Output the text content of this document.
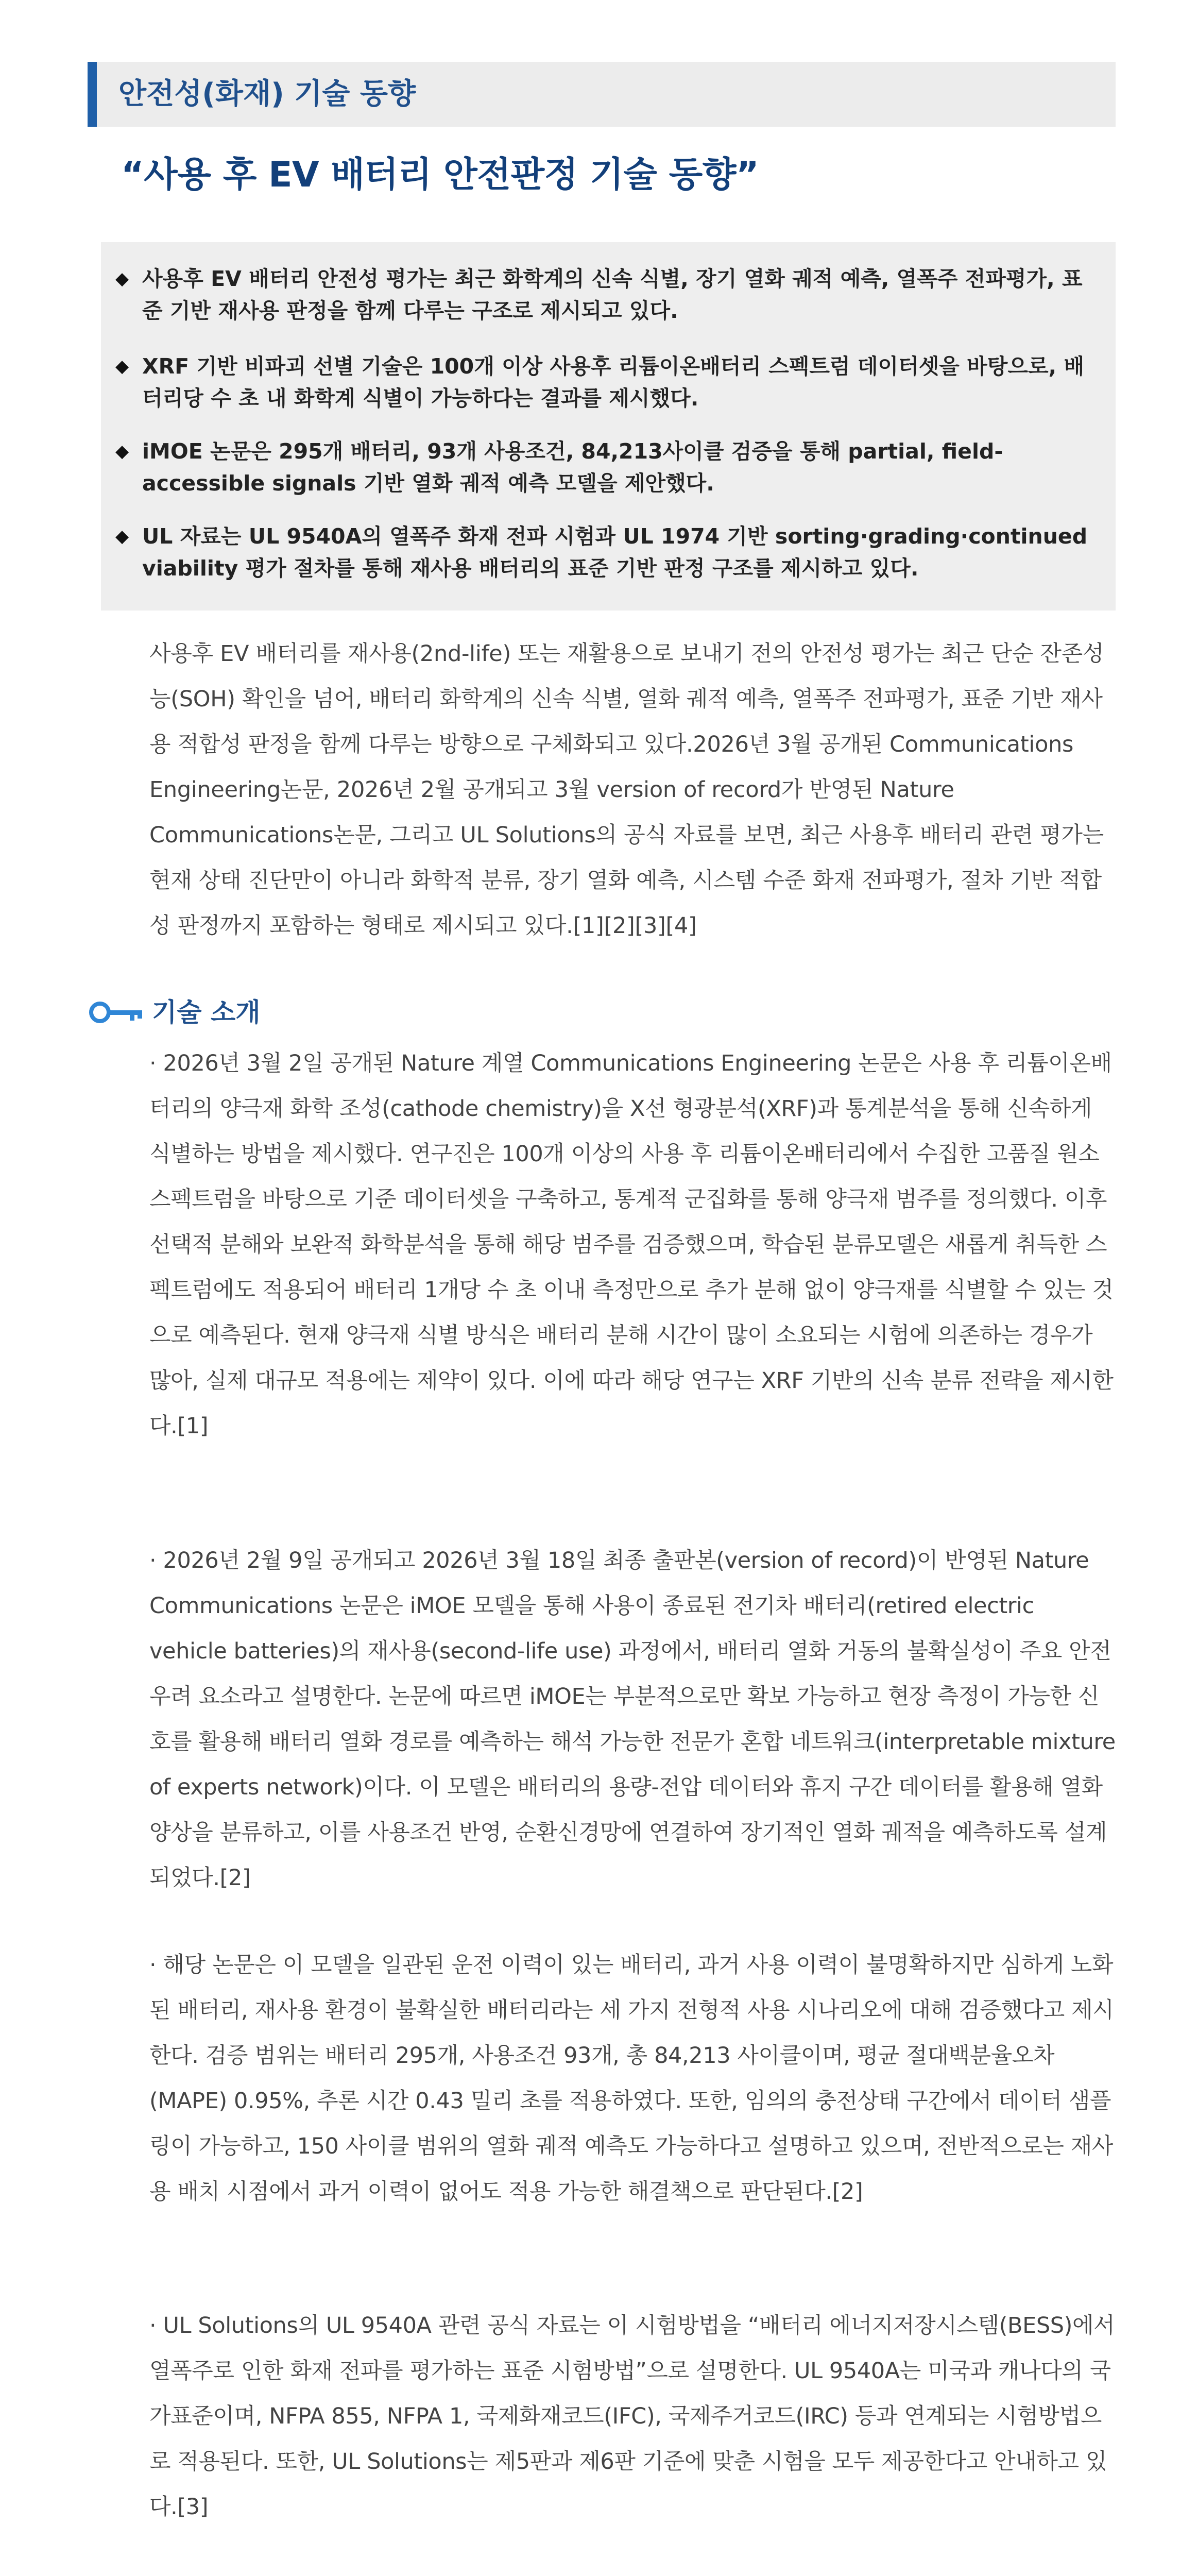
안전성(화재) 기술 동향
“사용 후 EV 배터리 안전판정 기술 동향”
◆ 사용후 EV 배터리 안전성 평가는 최근 화학계의 신속 식별, 장기 열화 궤적 예측, 열폭주 전파평가, 표준 기반 재사용 판정을 함께 다루는 구조로 제시되고 있다.
◆ XRF 기반 비파괴 선별 기술은 100개 이상 사용후 리튬이온배터리 스펙트럼 데이터셋을 바탕으로, 배터리당 수 초 내 화학계 식별이 가능하다는 결과를 제시했다.
◆ iMOE 논문은 295개 배터리, 93개 사용조건, 84,213사이클 검증을 통해 partial, field-accessible signals 기반 열화 궤적 예측 모델을 제안했다.
◆ UL 자료는 UL 9540A의 열폭주 화재 전파 시험과 UL 1974 기반 sorting·grading·continued viability 평가 절차를 통해 재사용 배터리의 표준 기반 판정 구조를 제시하고 있다.
사용후 EV 배터리를 재사용(2nd-life) 또는 재활용으로 보내기 전의 안전성 평가는 최근 단순 잔존성능(SOH) 확인을 넘어, 배터리 화학계의 신속 식별, 열화 궤적 예측, 열폭주 전파평가, 표준 기반 재사용 적합성 판정을 함께 다루는 방향으로 구체화되고 있다.2026년 3월 공개된 Communications Engineering논문, 2026년 2월 공개되고 3월 version of record가 반영된 Nature Communications논문, 그리고 UL Solutions의 공식 자료를 보면, 최근 사용후 배터리 관련 평가는 현재 상태 진단만이 아니라 화학적 분류, 장기 열화 예측, 시스템 수준 화재 전파평가, 절차 기반 적합성 판정까지 포함하는 형태로 제시되고 있다.[1][2][3][4]
기술 소개
· 2026년 3월 2일 공개된 Nature 계열 Communications Engineering 논문은 사용 후 리튬이온배터리의 양극재 화학 조성(cathode chemistry)을 X선 형광분석(XRF)과 통계분석을 통해 신속하게 식별하는 방법을 제시했다. 연구진은 100개 이상의 사용 후 리튬이온배터리에서 수집한 고품질 원소 스펙트럼을 바탕으로 기준 데이터셋을 구축하고, 통계적 군집화를 통해 양극재 범주를 정의했다. 이후 선택적 분해와 보완적 화학분석을 통해 해당 범주를 검증했으며, 학습된 분류모델은 새롭게 취득한 스펙트럼에도 적용되어 배터리 1개당 수 초 이내 측정만으로 추가 분해 없이 양극재를 식별할 수 있는 것으로 예측된다. 현재 양극재 식별 방식은 배터리 분해 시간이 많이 소요되는 시험에 의존하는 경우가 많아, 실제 대규모 적용에는 제약이 있다. 이에 따라 해당 연구는 XRF 기반의 신속 분류 전략을 제시한다.[1]
· 2026년 2월 9일 공개되고 2026년 3월 18일 최종 출판본(version of record)이 반영된 Nature Communications 논문은 iMOE 모델을 통해 사용이 종료된 전기차 배터리(retired electric vehicle batteries)의 재사용(second-life use) 과정에서, 배터리 열화 거동의 불확실성이 주요 안전 우려 요소라고 설명한다. 논문에 따르면 iMOE는 부분적으로만 확보 가능하고 현장 측정이 가능한 신호를 활용해 배터리 열화 경로를 예측하는 해석 가능한 전문가 혼합 네트워크(interpretable mixture of experts network)이다. 이 모델은 배터리의 용량-전압 데이터와 휴지 구간 데이터를 활용해 열화 양상을 분류하고, 이를 사용조건 반영, 순환신경망에 연결하여 장기적인 열화 궤적을 예측하도록 설계되었다.[2]
· 해당 논문은 이 모델을 일관된 운전 이력이 있는 배터리, 과거 사용 이력이 불명확하지만 심하게 노화된 배터리, 재사용 환경이 불확실한 배터리라는 세 가지 전형적 사용 시나리오에 대해 검증했다고 제시한다. 검증 범위는 배터리 295개, 사용조건 93개, 총 84,213 사이클이며, 평균 절대백분율오차(MAPE) 0.95%, 추론 시간 0.43 밀리 초를 적용하였다. 또한, 임의의 충전상태 구간에서 데이터 샘플링이 가능하고, 150 사이클 범위의 열화 궤적 예측도 가능하다고 설명하고 있으며, 전반적으로는 재사용 배치 시점에서 과거 이력이 없어도 적용 가능한 해결책으로 판단된다.[2]
· UL Solutions의 UL 9540A 관련 공식 자료는 이 시험방법을 “배터리 에너지저장시스템(BESS)에서 열폭주로 인한 화재 전파를 평가하는 표준 시험방법”으로 설명한다. UL 9540A는 미국과 캐나다의 국가표준이며, NFPA 855, NFPA 1, 국제화재코드(IFC), 국제주거코드(IRC) 등과 연계되는 시험방법으로 적용된다. 또한, UL Solutions는 제5판과 제6판 기준에 맞춘 시험을 모두 제공한다고 안내하고 있다.[3]
